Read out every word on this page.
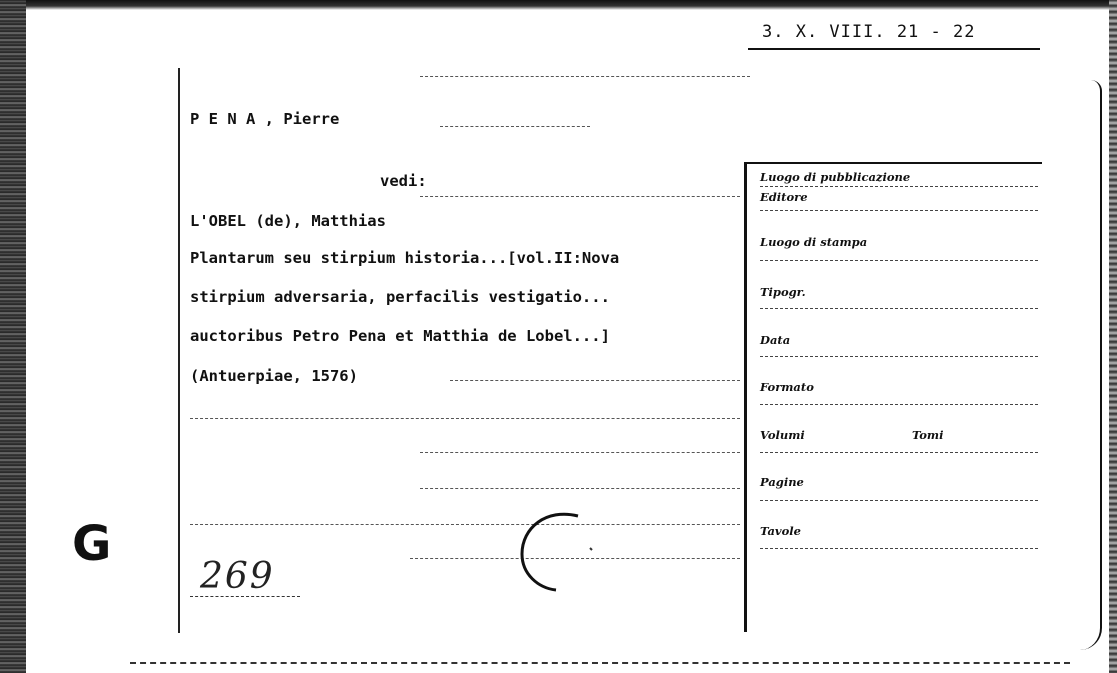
3. X. VIII. 21 - 22
P E N A , Pierre
vedi:
L'OBEL (de), Matthias
Plantarum seu stirpium historia...[vol.II:Nova
stirpium adversaria, perfacilis vestigatio...
auctoribus Petro Pena et Matthia de Lobel...]
(Antuerpiae, 1576)
Luogo di pubblicazione
Editore
Luogo di stampa
Tipogr.
Data
Formato
Volumi	Tomi
Pagine
Tavole
G
269
